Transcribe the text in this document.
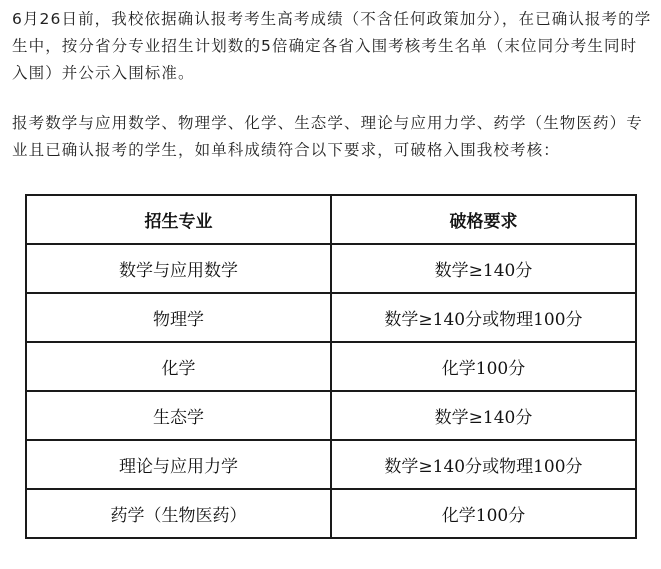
6月26日前，我校依据确认报考考生高考成绩（不含任何政策加分），在已确认报考的学生中，按分省分专业招生计划数的5倍确定各省入围考核考生名单（末位同分考生同时入围）并公示入围标准。

报考数学与应用数学、物理学、化学、生态学、理论与应用力学、药学（生物医药）专业且已确认报考的学生，如单科成绩符合以下要求，可破格入围我校考核：

招生专业	破格要求
数学与应用数学	数学≥140分
物理学	数学≥140分或物理100分
化学	化学100分
生态学	数学≥140分
理论与应用力学	数学≥140分或物理100分
药学（生物医药）	化学100分
